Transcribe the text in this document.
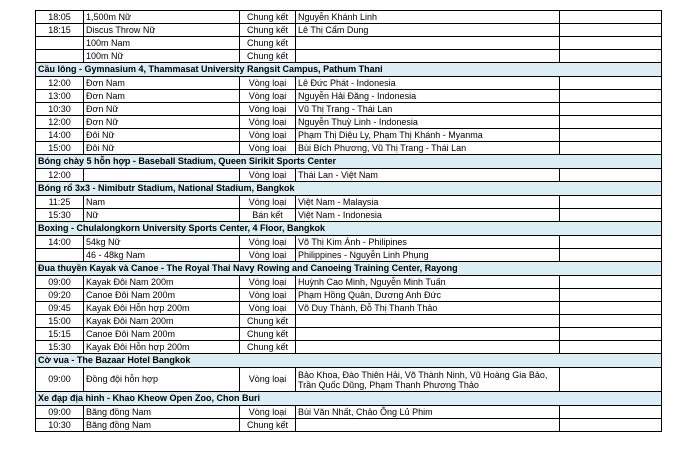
18:05	1,500m Nữ	Chung kết	Nguyễn Khánh Linh	
18:15	Discus Throw Nữ	Chung kết	Lê Thị Cẩm Dung	
	100m Nam	Chung kết		
	100m Nữ	Chung kết		
Cầu lông - Gymnasium 4, Thammasat University Rangsit Campus, Pathum Thani				
12:00	Đơn Nam	Vòng loại	Lê Đức Phát - Indonesia	
13:00	Đơn Nam	Vòng loại	Nguyễn Hải Đăng - Indonesia	
10:30	Đơn Nữ	Vòng loại	Vũ Thị Trang - Thái Lan	
12:00	Đơn Nữ	Vòng loại	Nguyễn Thuỳ Linh - Indonesia	
14:00	Đôi Nữ	Vòng loại	Phạm Thị Diệu Ly, Phạm Thị Khánh - Myanma	
15:00	Đôi Nữ	Vòng loại	Bùi Bích Phương, Vũ Thị Trang - Thái Lan	
Bóng chày 5 hỗn hợp - Baseball Stadium, Queen Sirikit Sports Center				
12:00		Vòng loại	Thái Lan - Việt Nam	
Bóng rổ 3x3 - Nimibutr Stadium, National Stadium, Bangkok				
11:25	Nam	Vòng loại	Việt Nam - Malaysia	
15:30	Nữ	Bán kết	Việt Nam - Indonesia	
Boxing - Chulalongkorn University Sports Center, 4 Floor, Bangkok				
14:00	54kg Nữ	Vòng loại	Võ Thị Kim Ánh - Philipines	
	46 - 48kg Nam	Vòng loại	Philippines - Nguyễn Linh Phụng	
Đua thuyền Kayak và Canoe - The Royal Thai Navy Rowing and Canoeing Training Center, Rayong				
09:00	Kayak Đôi Nam 200m	Vòng loại	Huỳnh Cao Minh, Nguyễn Minh Tuấn	
09:20	Canoe Đôi Nam 200m	Vòng loại	Phạm Hồng Quân, Dương Anh Đức	
09:45	Kayak Đôi Hỗn hợp 200m	Vòng loại	Võ Duy Thành, Đỗ Thị Thanh Thảo	
15:00	Kayak Đôi Nam 200m	Chung kết		
15:15	Canoe Đôi Nam 200m	Chung kết		
15:30	Kayak Đôi Hỗn hợp 200m	Chung kết		
Cờ vua - The Bazaar Hotel Bangkok				
09:00	Đồng đội hỗn hợp	Vòng loại	Bảo Khoa, Đào Thiên Hải, Võ Thành Ninh, Vũ Hoàng Gia Bảo, Trần Quốc Dũng, Phạm Thanh Phương Thảo	
Xe đạp địa hình - Khao Kheow Open Zoo, Chon Buri				
09:00	Băng đồng Nam	Vòng loại	Bùi Văn Nhất, Chảo Ông Lủ Phim	
10:30	Băng đồng Nam	Chung kết		
